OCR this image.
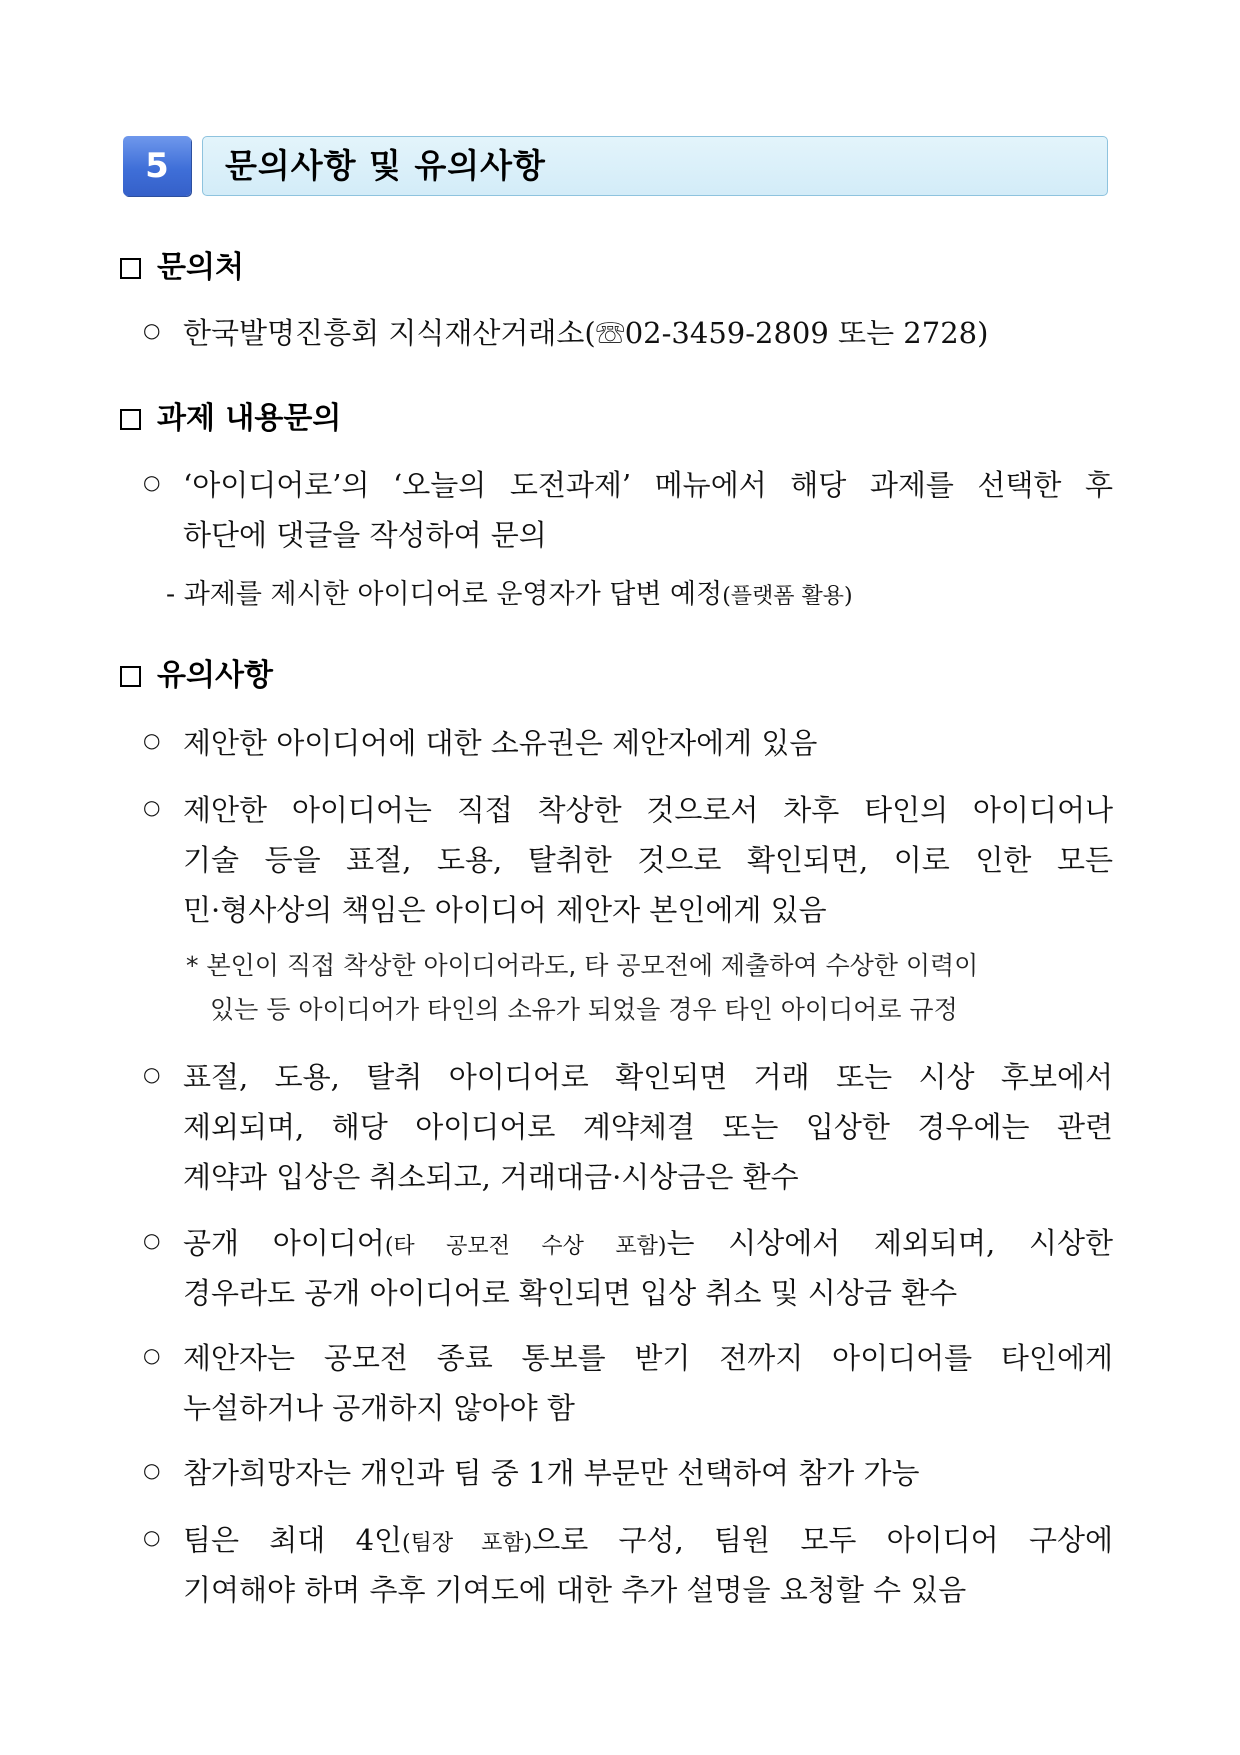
5	문의사항 및 유의사항
문의처
○ 한국발명진흥회 지식재산거래소(☏02-3459-2809 또는 2728)
과제 내용문의
○ ‘아이디어로’의 ‘오늘의 도전과제’ 메뉴에서 해당 과제를 선택한 후
하단에 댓글을 작성하여 문의
- 과제를 제시한 아이디어로 운영자가 답변 예정(플랫폼 활용)
유의사항
○ 제안한 아이디어에 대한 소유권은 제안자에게 있음
○ 제안한 아이디어는 직접 착상한 것으로서 차후 타인의 아이디어나
기술 등을 표절, 도용, 탈취한 것으로 확인되면, 이로 인한 모든
민·형사상의 책임은 아이디어 제안자 본인에게 있음
* 본인이 직접 착상한 아이디어라도, 타 공모전에 제출하여 수상한 이력이
있는 등 아이디어가 타인의 소유가 되었을 경우 타인 아이디어로 규정
○ 표절, 도용, 탈취 아이디어로 확인되면 거래 또는 시상 후보에서
제외되며, 해당 아이디어로 계약체결 또는 입상한 경우에는 관련
계약과 입상은 취소되고, 거래대금·시상금은 환수
○ 공개 아이디어(타 공모전 수상 포함)는 시상에서 제외되며, 시상한
경우라도 공개 아이디어로 확인되면 입상 취소 및 시상금 환수
○ 제안자는 공모전 종료 통보를 받기 전까지 아이디어를 타인에게
누설하거나 공개하지 않아야 함
○ 참가희망자는 개인과 팀 중 1개 부문만 선택하여 참가 가능
○ 팀은 최대 4인(팀장 포함)으로 구성, 팀원 모두 아이디어 구상에
기여해야 하며 추후 기여도에 대한 추가 설명을 요청할 수 있음
